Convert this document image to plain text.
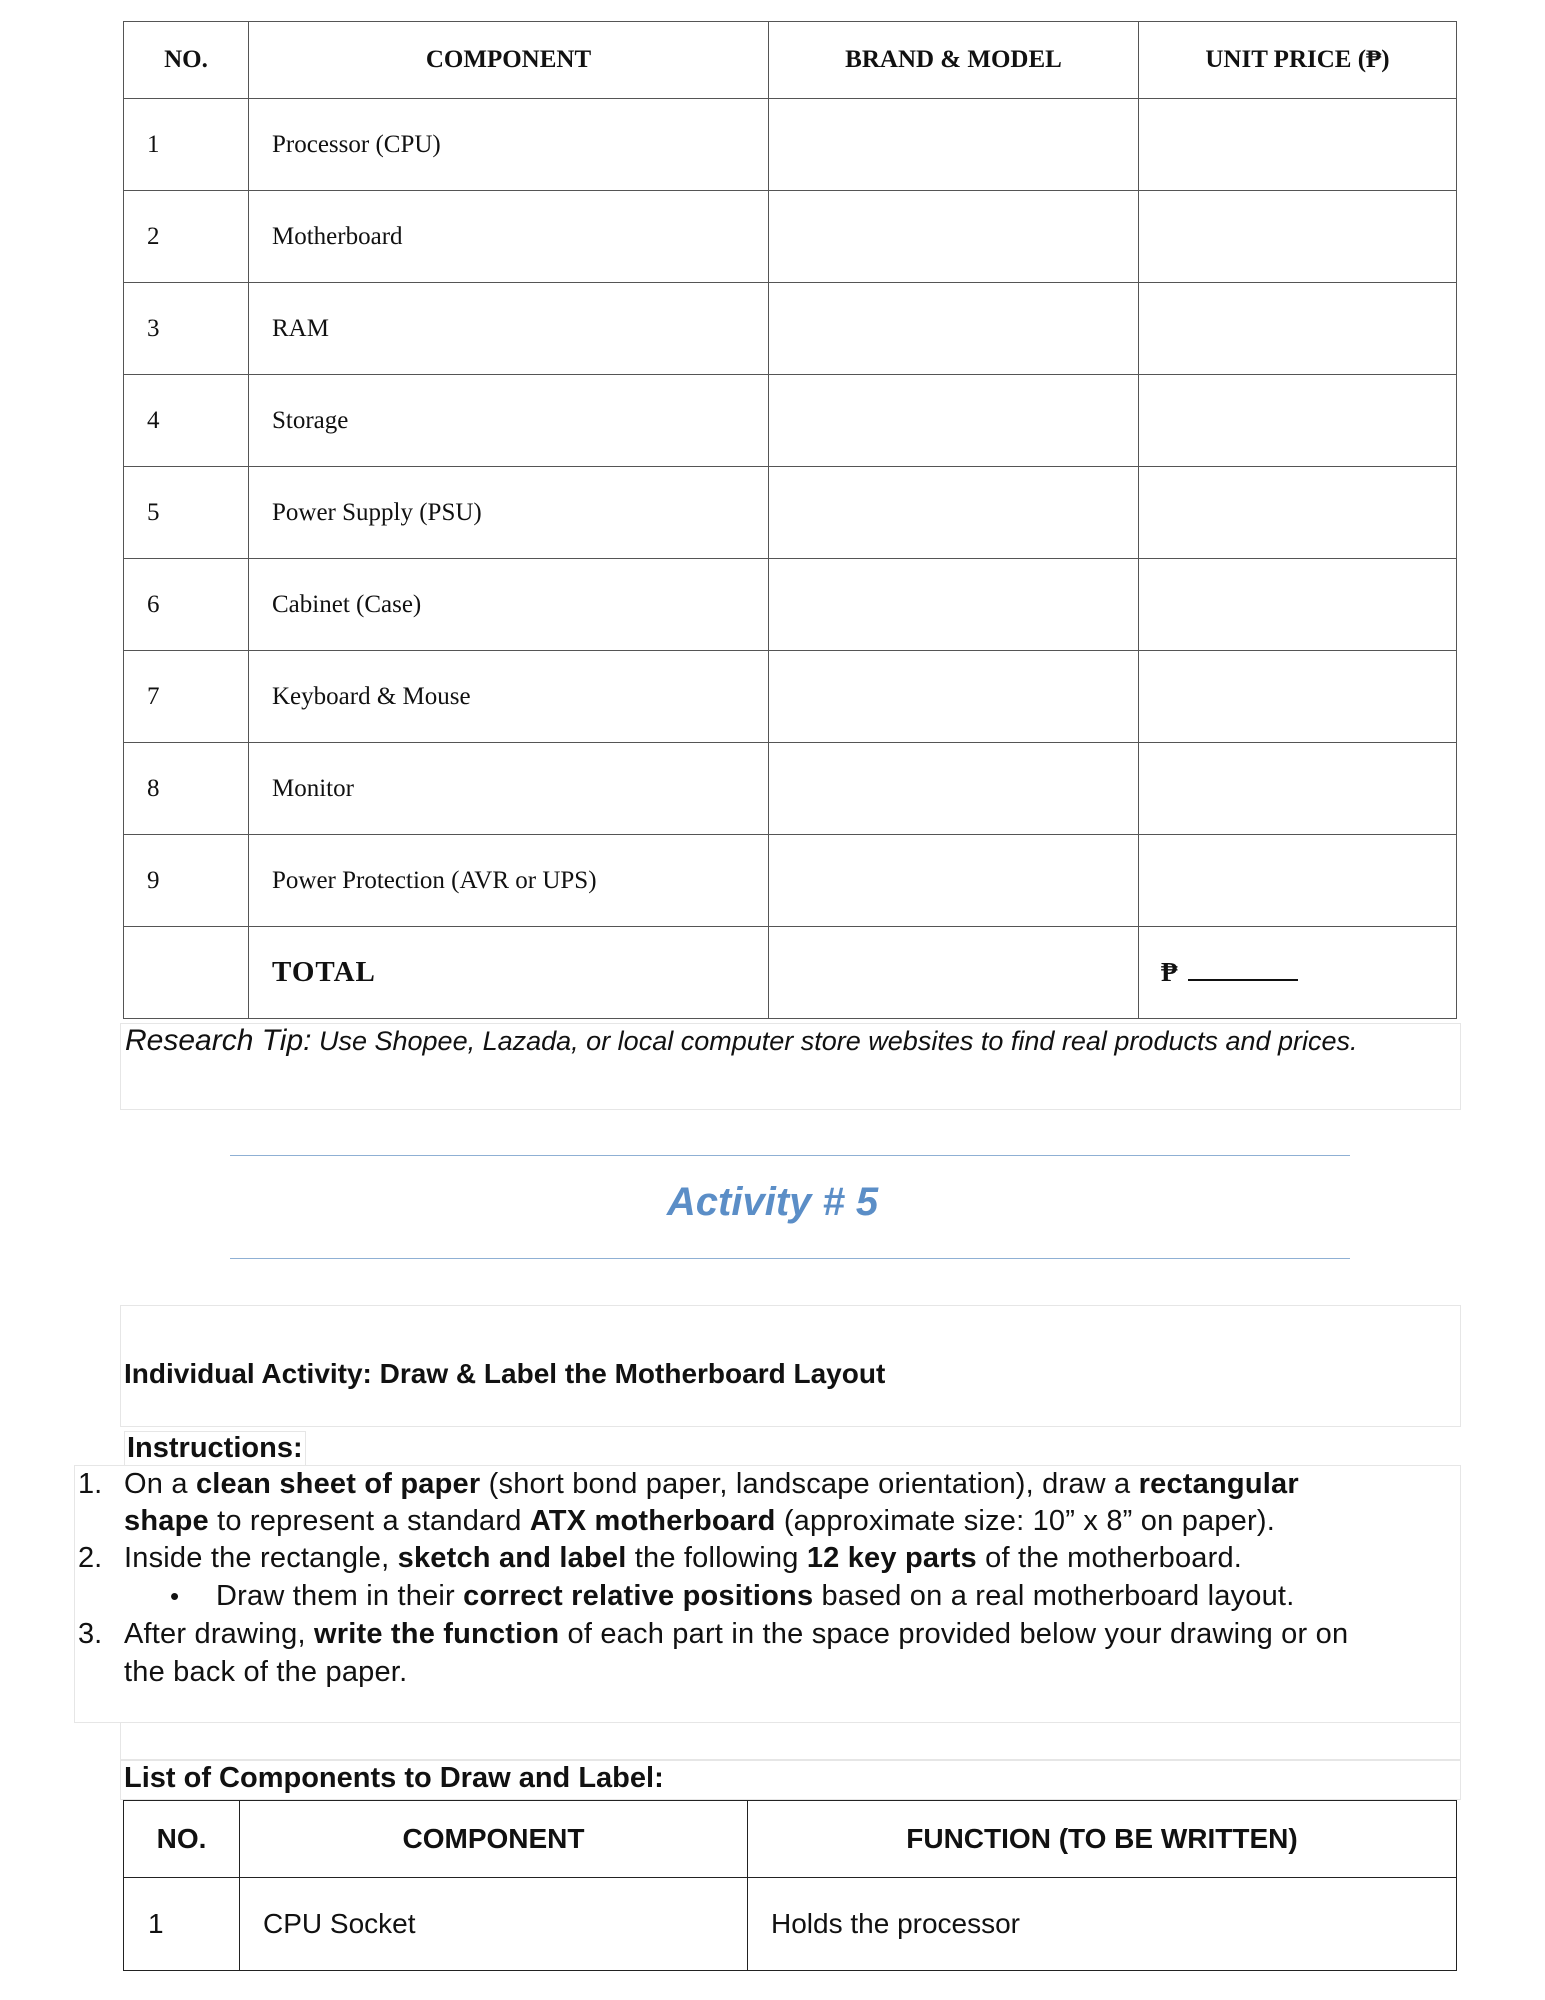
NO.	COMPONENT	BRAND & MODEL	UNIT PRICE (₱)
1	Processor (CPU)		
2	Motherboard		
3	RAM		
4	Storage		
5	Power Supply (PSU)		
6	Cabinet (Case)		
7	Keyboard & Mouse		
8	Monitor		
9	Power Protection (AVR or UPS)		
	TOTAL		₱
Research Tip: Use Shopee, Lazada, or local computer store websites to find real products and prices.
Activity # 5
Individual Activity: Draw & Label the Motherboard Layout
Instructions:
1. On a clean sheet of paper (short bond paper, landscape orientation), draw a rectangular
shape to represent a standard ATX motherboard (approximate size: 10” x 8” on paper).
2. Inside the rectangle, sketch and label the following 12 key parts of the motherboard.
• Draw them in their correct relative positions based on a real motherboard layout.
3. After drawing, write the function of each part in the space provided below your drawing or on
the back of the paper.
List of Components to Draw and Label:
NO.	COMPONENT	FUNCTION (TO BE WRITTEN)
1	CPU Socket	Holds the processor
